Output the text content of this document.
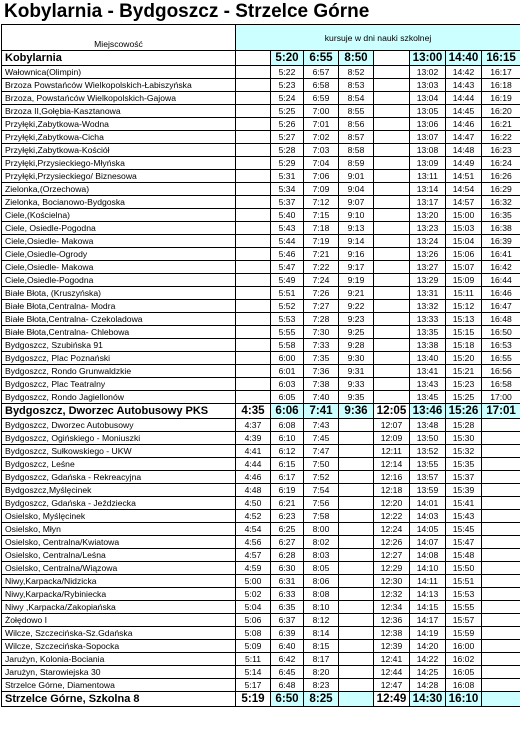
Kobylarnia - Bydgoszcz - Strzelce Górne
Miejscowość	kursuje w dni nauki szkolnej							
Kobylarnia		5:20	6:55	8:50		13:00	14:40	16:15
Wałownica(Olimpin)		5:22	6:57	8:52		13:02	14:42	16:17
Brzoza Powstańców Wielkopolskich-Łabiszyńska		5:23	6:58	8:53		13:03	14:43	16:18
Brzoza, Powstańców Wielkopolskich-Gajowa		5:24	6:59	8:54		13:04	14:44	16:19
Brzoza II,Gołębia-Kasztanowa		5:25	7:00	8:55		13:05	14:45	16:20
Przyłęki,Zabytkowa-Wodna		5:26	7:01	8:56		13:06	14:46	16:21
Przyłęki,Zabytkowa-Cicha		5:27	7:02	8:57		13:07	14:47	16:22
Przyłęki,Zabytkowa-Kościół		5:28	7:03	8:58		13:08	14:48	16:23
Przyłęki,Przysieckiego-Młyńska		5:29	7:04	8:59		13:09	14:49	16:24
Przyłęki,Przysieckiego/ Biznesowa		5:31	7:06	9:01		13:11	14:51	16:26
Zielonka,(Orzechowa)		5:34	7:09	9:04		13:14	14:54	16:29
Zielonka, Bocianowo-Bydgoska		5:37	7:12	9:07		13:17	14:57	16:32
Ciele,(Kościelna)		5:40	7:15	9:10		13:20	15:00	16:35
Ciele, Osiedle-Pogodna		5:43	7:18	9:13		13:23	15:03	16:38
Ciele,Osiedle- Makowa		5:44	7:19	9:14		13:24	15:04	16:39
Ciele,Osiedle-Ogrody		5:46	7:21	9:16		13:26	15:06	16:41
Ciele,Osiedle- Makowa		5:47	7:22	9:17		13:27	15:07	16:42
Ciele,Osiedle-Pogodna		5:49	7:24	9:19		13:29	15:09	16:44
Białe Błota, (Kruszyńska)		5:51	7:26	9:21		13:31	15:11	16:46
Białe Błota,Centralna- Modra		5:52	7:27	9:22		13:32	15:12	16:47
Białe Błota,Centralna- Czekoladowa		5:53	7:28	9:23		13:33	15:13	16:48
Białe Błota,Centralna- Chlebowa		5:55	7:30	9:25		13:35	15:15	16:50
Bydgoszcz, Szubińska 91		5:58	7:33	9:28		13:38	15:18	16:53
Bydgoszcz, Plac Poznański		6:00	7:35	9:30		13:40	15:20	16:55
Bydgoszcz, Rondo Grunwaldzkie		6:01	7:36	9:31		13:41	15:21	16:56
Bydgoszcz, Plac Teatralny		6:03	7:38	9:33		13:43	15:23	16:58
Bydgoszcz, Rondo Jagiellonów		6:05	7:40	9:35		13:45	15:25	17:00
Bydgoszcz, Dworzec Autobusowy PKS	4:35	6:06	7:41	9:36	12:05	13:46	15:26	17:01
Bydgoszcz, Dworzec Autobusowy	4:37	6:08	7:43		12:07	13:48	15:28	
Bydgoszcz, Ogińskiego - Moniuszki	4:39	6:10	7:45		12:09	13:50	15:30	
Bydgoszcz, Sułkowskiego - UKW	4:41	6:12	7:47		12:11	13:52	15:32	
Bydgoszcz, Leśne	4:44	6:15	7:50		12:14	13:55	15:35	
Bydgoszcz, Gdańska - Rekreacyjna	4:46	6:17	7:52		12:16	13:57	15:37	
Bydgoszcz,Myślęcinek	4:48	6:19	7:54		12:18	13:59	15:39	
Bydgoszcz, Gdańska - Jeździecka	4:50	6:21	7:56		12:20	14:01	15:41	
Osielsko, Myślęcinek	4:52	6:23	7:58		12:22	14:03	15:43	
Osielsko, Młyn	4:54	6:25	8:00		12:24	14:05	15:45	
Osielsko, Centralna/Kwiatowa	4:56	6:27	8:02		12:26	14:07	15:47	
Osielsko, Centralna/Leśna	4:57	6:28	8:03		12:27	14:08	15:48	
Osielsko, Centralna/Wiązowa	4:59	6:30	8:05		12:29	14:10	15:50	
Niwy,Karpacka/Nidzicka	5:00	6:31	8:06		12:30	14:11	15:51	
Niwy,Karpacka/Rybiniecka	5:02	6:33	8:08		12:32	14:13	15:53	
Niwy ,Karpacka/Zakopiańska	5:04	6:35	8:10		12:34	14:15	15:55	
Żołędowo I	5:06	6:37	8:12		12:36	14:17	15:57	
Wilcze, Szczecińska-Sz.Gdańska	5:08	6:39	8:14		12:38	14:19	15:59	
Wilcze, Szczecińska-Sopocka	5:09	6:40	8:15		12:39	14:20	16:00	
Jarużyn, Kolonia-Bociania	5:11	6:42	8:17		12:41	14:22	16:02	
Jarużyn, Starowiejska 30	5:14	6:45	8:20		12:44	14:25	16:05	
Strzelce Górne, Diamentowa	5:17	6:48	8:23		12:47	14:28	16:08	
Strzelce Górne, Szkolna 8	5:19	6:50	8:25		12:49	14:30	16:10	
